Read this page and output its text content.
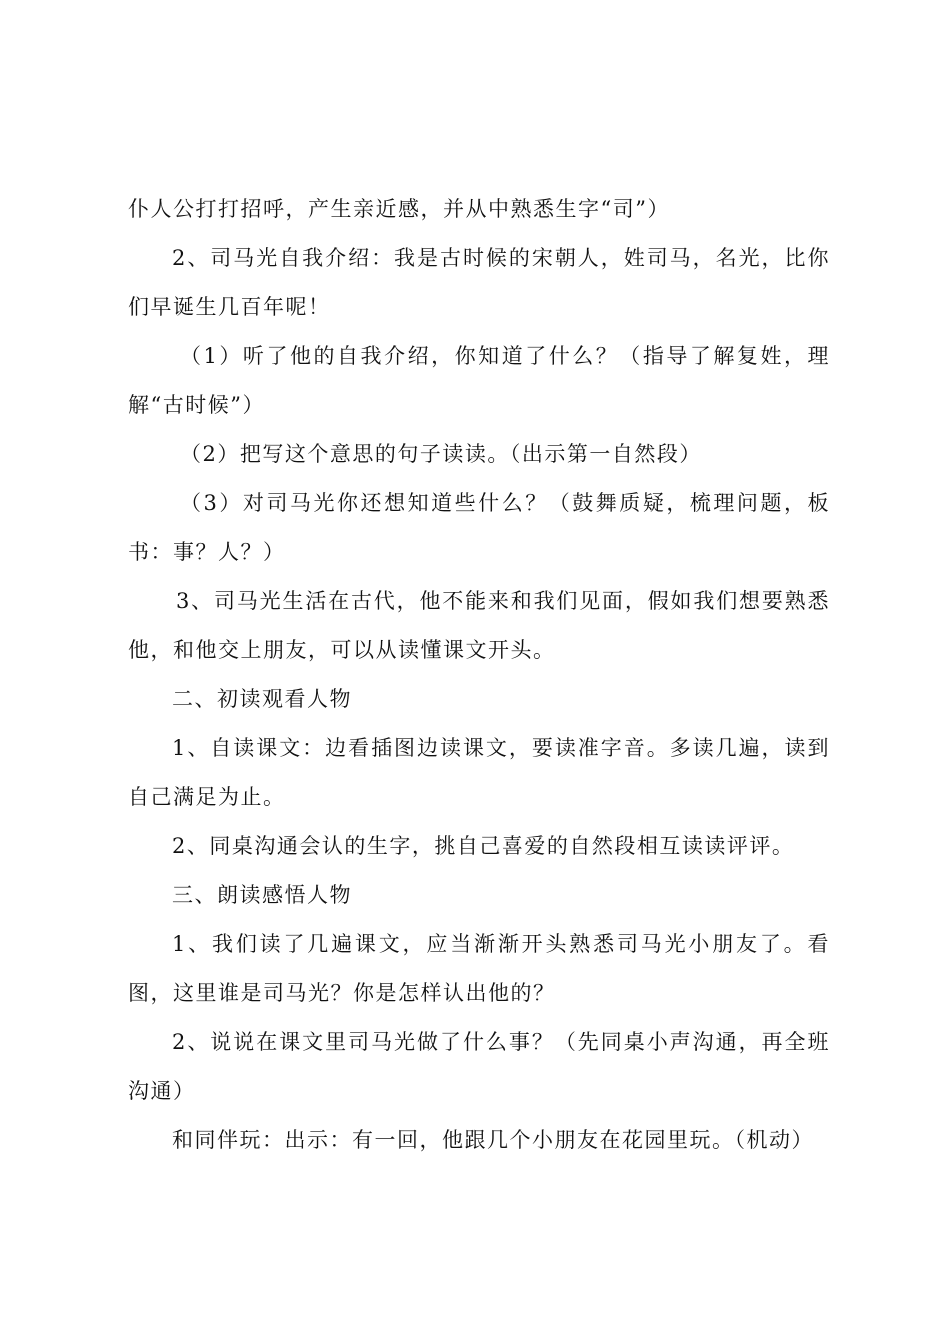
仆人公打打招呼，产生亲近感，并从中熟悉生字“司”）

2、司马光自我介绍：我是古时候的宋朝人，姓司马，名光，比你们早诞生几百年呢！

（1）听了他的自我介绍，你知道了什么？（指导了解复姓，理解“古时候”）

（2）把写这个意思的句子读读。（出示第一自然段）

（3）对司马光你还想知道些什么？（鼓舞质疑，梳理问题，板书：事？人？）

3、司马光生活在古代，他不能来和我们见面，假如我们想要熟悉他，和他交上朋友，可以从读懂课文开头。

二、初读观看人物

1、自读课文：边看插图边读课文，要读准字音。多读几遍，读到自己满足为止。

2、同桌沟通会认的生字，挑自己喜爱的自然段相互读读评评。

三、朗读感悟人物

1、我们读了几遍课文，应当渐渐开头熟悉司马光小朋友了。看图，这里谁是司马光？你是怎样认出他的？

2、说说在课文里司马光做了什么事？（先同桌小声沟通，再全班沟通）

和同伴玩：出示：有一回，他跟几个小朋友在花园里玩。（机动）
